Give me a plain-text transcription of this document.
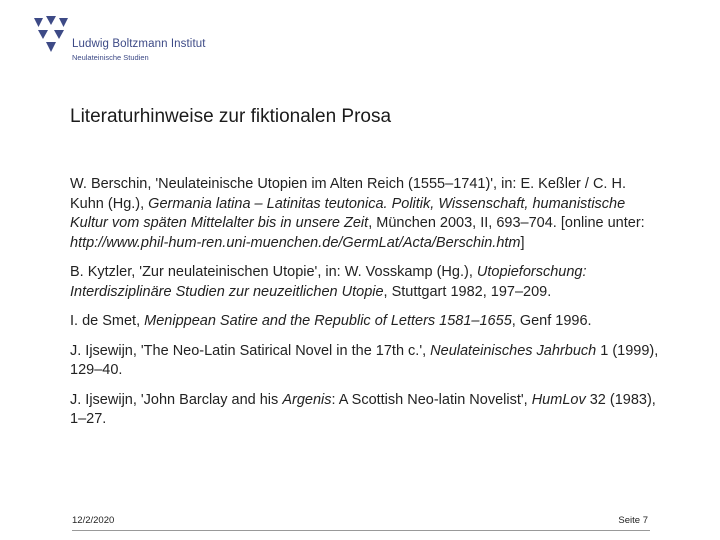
Ludwig Boltzmann Institut
Neulateinische Studien
Literaturhinweise zur fiktionalen Prosa

W. Berschin, 'Neulateinische Utopien im Alten Reich (1555–1741)', in: E. Keßler / C. H. Kuhn (Hg.), Germania latina – Latinitas teutonica. Politik, Wissenschaft, humanistische Kultur vom späten Mittelalter bis in unsere Zeit, München 2003, II, 693–704. [online unter: http://www.phil-hum-ren.uni-muenchen.de/GermLat/Acta/Berschin.htm]

B. Kytzler, 'Zur neulateinischen Utopie', in: W. Vosskamp (Hg.), Utopieforschung: Interdisziplinäre Studien zur neuzeitlichen Utopie, Stuttgart 1982, 197–209.

I. de Smet, Menippean Satire and the Republic of Letters 1581–1655, Genf 1996.

J. Ijsewijn, 'The Neo-Latin Satirical Novel in the 17th c.', Neulateinisches Jahrbuch 1 (1999), 129–40.

J. Ijsewijn, 'John Barclay and his Argenis: A Scottish Neo-latin Novelist', HumLov 32 (1983), 1–27.

12/2/2020	Seite 7
